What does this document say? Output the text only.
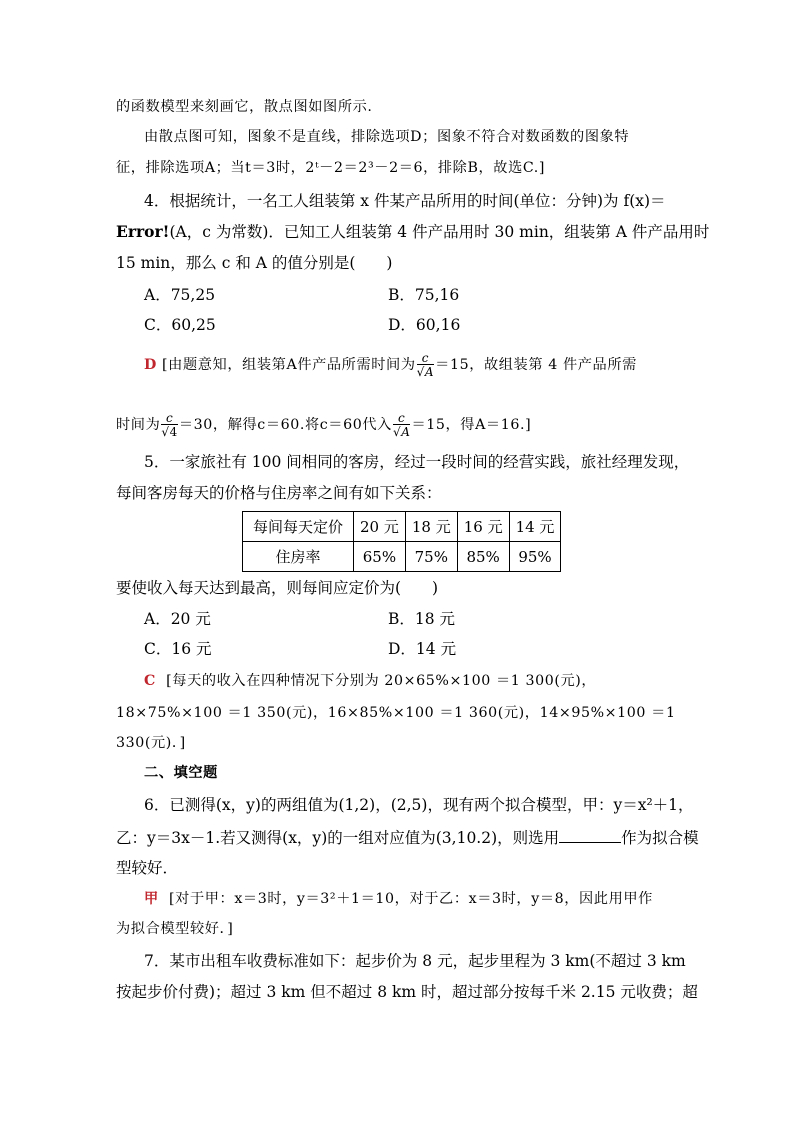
的函数模型来刻画它，散点图如图所示.
由散点图可知，图象不是直线，排除选项D；图象不符合对数函数的图象特
征，排除选项A；当t＝3时，2ᵗ－2＝2³－2＝6，排除B，故选C.]
4．根据统计，一名工人组装第 x 件某产品所用的时间(单位：分钟)为 f(x)＝
Error!(A，c 为常数)．已知工人组装第 4 件产品用时 30 min，组装第 A 件产品用时
15 min，那么 c 和 A 的值分别是(　　)
A．75,25	B．75,16
C．60,25	D．60,16
D [由题意知，组装第A件产品所需时间为 $\frac{c}{√A} =15$，故组装第 4 件产品所需
时间为 $\frac{c}{√4} =30$，解得c＝60.将c＝60代入 $\frac{c}{√A} =15$，得A＝16.]
5．一家旅社有 100 间相同的客房，经过一段时间的经营实践，旅社经理发现，
每间客房每天的价格与住房率之间有如下关系：
每间每天定价	20 元	18 元	16 元	14 元
住房率	65%	75%	85%	95%
要使收入每天达到最高，则每间应定价为(　　)
A．20 元	B．18 元
C．16 元	D．14 元
C [每天的收入在四种情况下分别为 20×65%×100 ＝1 300(元)，
18×75%×100 ＝1 350(元)，16×85%×100 ＝1 360(元)，14×95%×100 ＝1
330(元)．]
二、填空题
6．已测得(x，y)的两组值为(1,2)，(2,5)，现有两个拟合模型，甲：y＝x²＋1，
乙：y＝3x－1.若又测得(x，y)的一组对应值为(3,10.2)，则选用	作为拟合模
型较好．
甲 [对于甲：x＝3时，y＝3²＋1＝10，对于乙：x＝3时，y＝8，因此用甲作
为拟合模型较好．]
7．某市出租车收费标准如下：起步价为 8 元，起步里程为 3 km(不超过 3 km
按起步价付费)；超过 3 km 但不超过 8 km 时，超过部分按每千米 2.15 元收费；超
